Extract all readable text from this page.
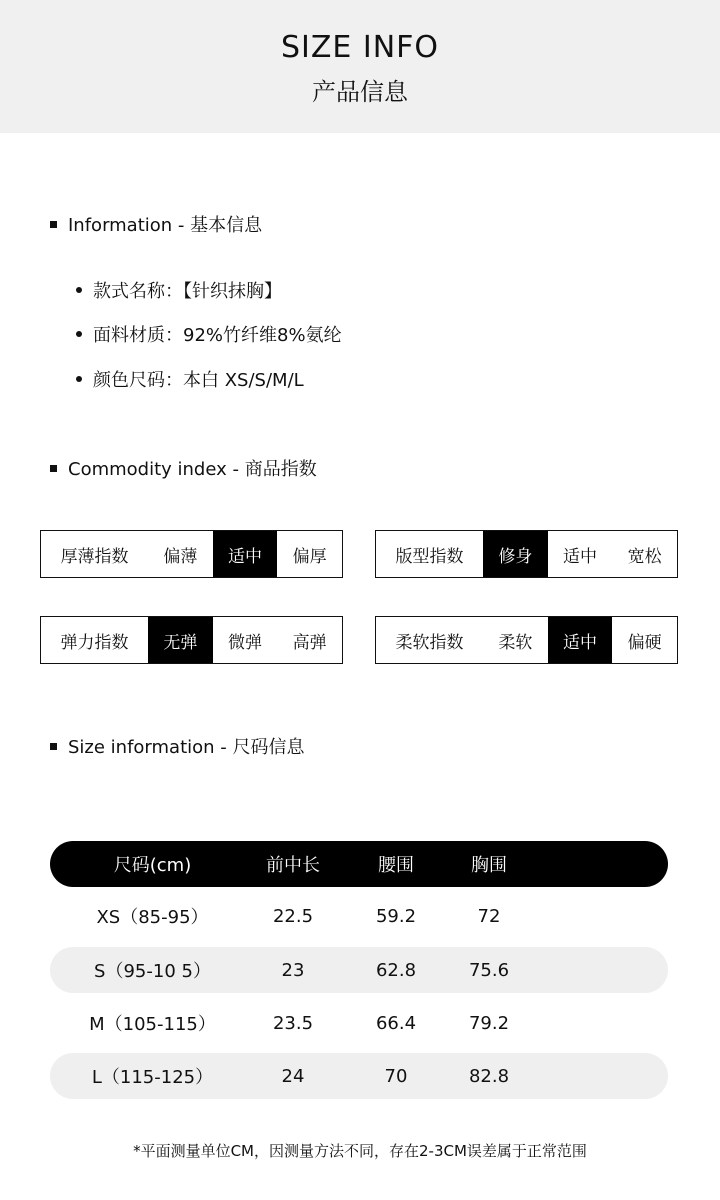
SIZE INFO
产品信息
Information - 基本信息
款式名称：【针织抹胸】
面料材质：92%竹纤维8%氨纶
颜色尺码：本白 XS/S/M/L
Commodity index - 商品指数
厚薄指数	偏薄	适中	偏厚	版型指数	修身	适中	宽松
弹力指数	无弹	微弹	高弹	柔软指数	柔软	适中	偏硬
Size information - 尺码信息
尺码(cm)	前中长	腰围	胸围
XS（85-95）	22.5	59.2	72
S（95-10 5）	23	62.8	75.6
M（105-115）	23.5	66.4	79.2
L（115-125）	24	70	82.8
*平面测量单位CM，因测量方法不同，存在2-3CM误差属于正常范围
